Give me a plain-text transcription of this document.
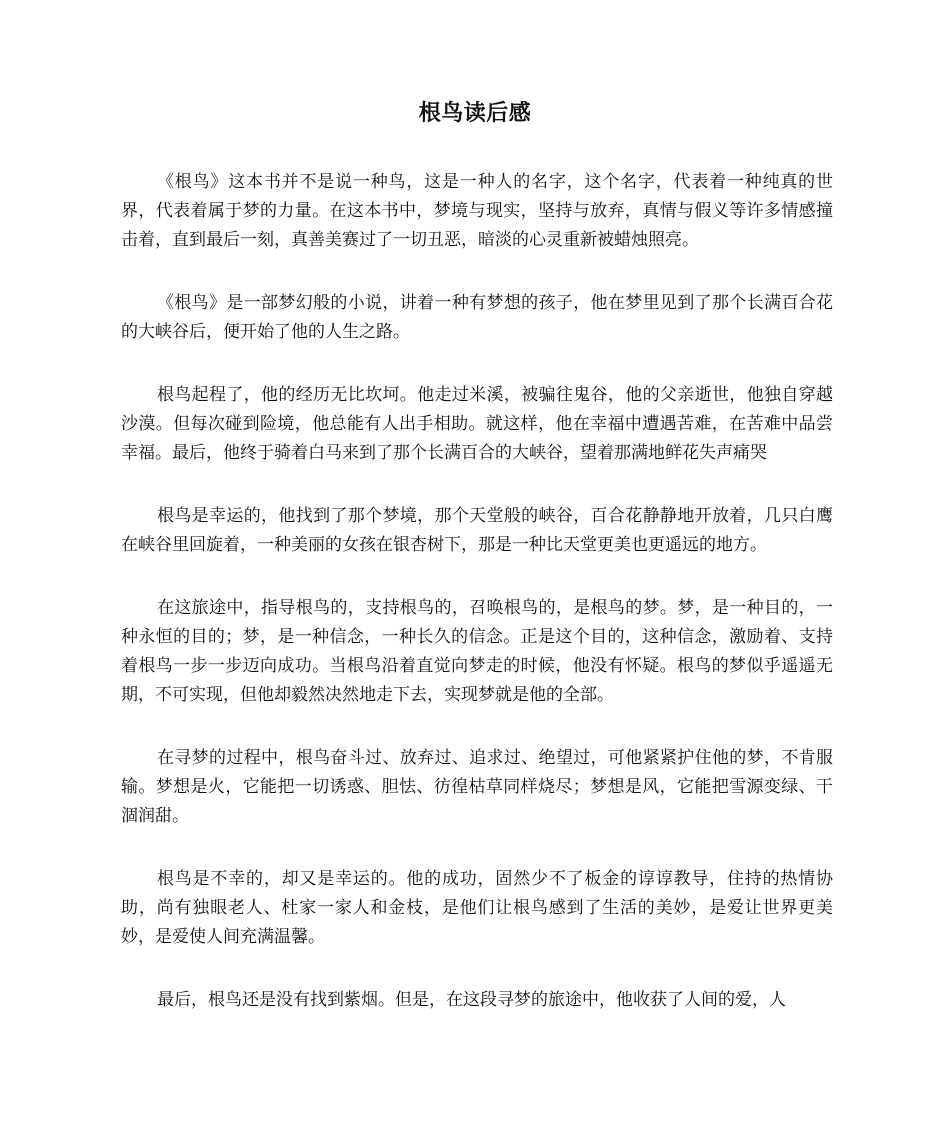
根鸟读后感

《根鸟》这本书并不是说一种鸟，这是一种人的名字，这个名字，代表着一种纯真的世界，代表着属于梦的力量。在这本书中，梦境与现实，坚持与放弃，真情与假义等许多情感撞击着，直到最后一刻，真善美赛过了一切丑恶，暗淡的心灵重新被蜡烛照亮。

《根鸟》是一部梦幻般的小说，讲着一种有梦想的孩子，他在梦里见到了那个长满百合花的大峡谷后，便开始了他的人生之路。

根鸟起程了，他的经历无比坎坷。他走过米溪，被骗往鬼谷，他的父亲逝世，他独自穿越沙漠。但每次碰到险境，他总能有人出手相助。就这样，他在幸福中遭遇苦难，在苦难中品尝幸福。最后，他终于骑着白马来到了那个长满百合的大峡谷，望着那满地鲜花失声痛哭

根鸟是幸运的，他找到了那个梦境，那个天堂般的峡谷，百合花静静地开放着，几只白鹰在峡谷里回旋着，一种美丽的女孩在银杏树下，那是一种比天堂更美也更遥远的地方。

在这旅途中，指导根鸟的，支持根鸟的，召唤根鸟的，是根鸟的梦。梦，是一种目的，一种永恒的目的；梦，是一种信念，一种长久的信念。正是这个目的，这种信念，激励着、支持着根鸟一步一步迈向成功。当根鸟沿着直觉向梦走的时候，他没有怀疑。根鸟的梦似乎遥遥无期，不可实现，但他却毅然决然地走下去，实现梦就是他的全部。

在寻梦的过程中，根鸟奋斗过、放弃过、追求过、绝望过，可他紧紧护住他的梦，不肯服输。梦想是火，它能把一切诱惑、胆怯、彷徨枯草同样烧尽；梦想是风，它能把雪源变绿、干涸润甜。

根鸟是不幸的，却又是幸运的。他的成功，固然少不了板金的谆谆教导，住持的热情协助，尚有独眼老人、杜家一家人和金枝，是他们让根鸟感到了生活的美妙，是爱让世界更美妙，是爱使人间充满温馨。

最后，根鸟还是没有找到紫烟。但是，在这段寻梦的旅途中，他收获了人间的爱，人
